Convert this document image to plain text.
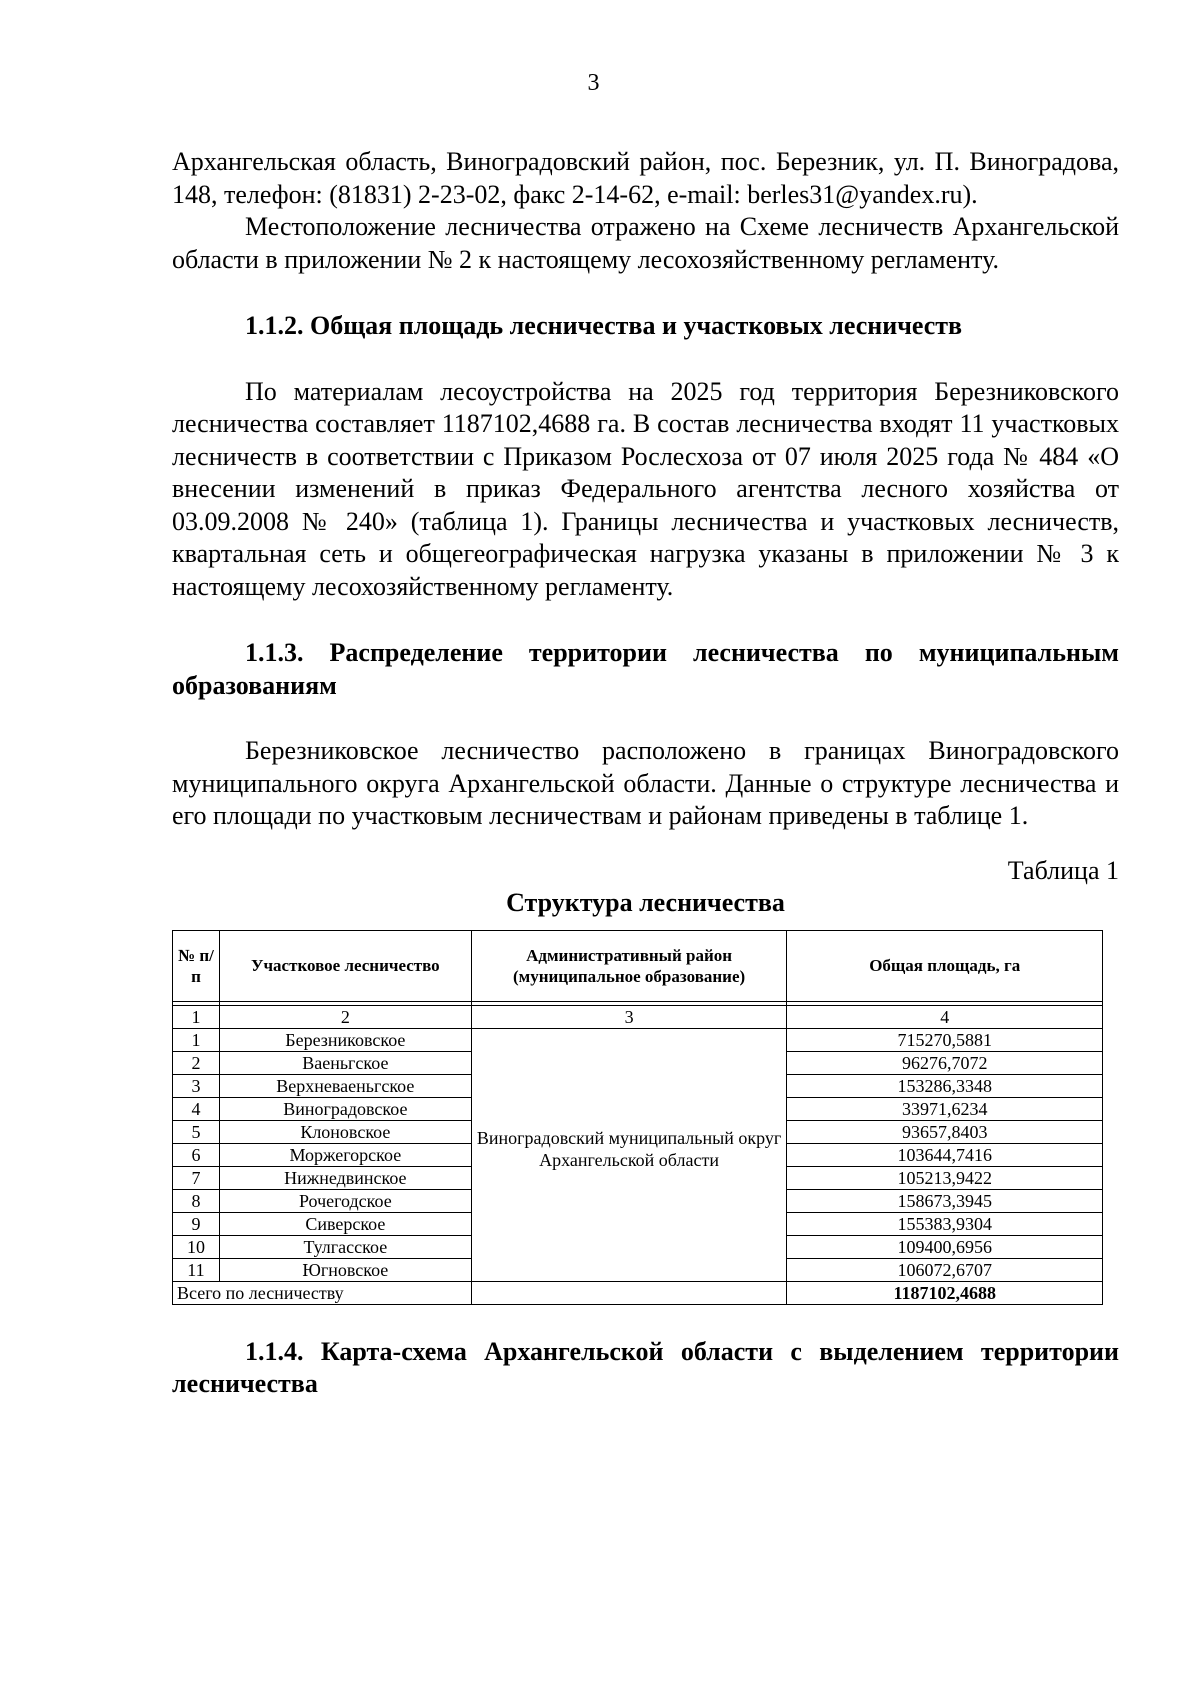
3

Архангельская область, Виноградовский район, пос. Березник, ул. П. Виноградова, 148, телефон: (81831) 2-23-02, факс 2-14-62, e-mail: berles31@yandex.ru).

Местоположение лесничества отражено на Схеме лесничеств Архангельской области в приложении № 2 к настоящему лесохозяйственному регламенту.

1.1.2. Общая площадь лесничества и участковых лесничеств

По материалам лесоустройства на 2025 год территория Березниковского лесничества составляет 1187102,4688 га. В состав лесничества входят 11 участковых лесничеств в соответствии с Приказом Рослесхоза от 07 июля 2025 года № 484 «О внесении изменений в приказ Федерального агентства лесного хозяйства от 03.09.2008 № 240» (таблица 1). Границы лесничества и участковых лесничеств, квартальная сеть и общегеографическая нагрузка указаны в приложении № 3 к настоящему лесохозяйственному регламенту.

1.1.3. Распределение территории лесничества по муниципальным образованиям

Березниковское лесничество расположено в границах Виноградовского муниципального округа Архангельской области. Данные о структуре лесничества и его площади по участковым лесничествам и районам приведены в таблице 1.

Таблица 1
Структура лесничества
№ п/п	Участковое лесничество	Административный район (муниципальное образование)	Общая площадь, га

1	2	3	4
1	Березниковское	Виноградовский муниципальный округ Архангельской области	715270,5881
2	Ваеньгское		96276,7072
3	Верхневаеньгское		153286,3348
4	Виноградовское		33971,6234
5	Клоновское		93657,8403
6	Моржегорское		103644,7416
7	Нижнедвинское		105213,9422
8	Рочегодское		158673,3945
9	Сиверское		155383,9304
10	Тулгасское		109400,6956
11	Югновское		106072,6707
Всего по лесничеству			1187102,4688
1.1.4. Карта-схема Архангельской области с выделением территории лесничества
